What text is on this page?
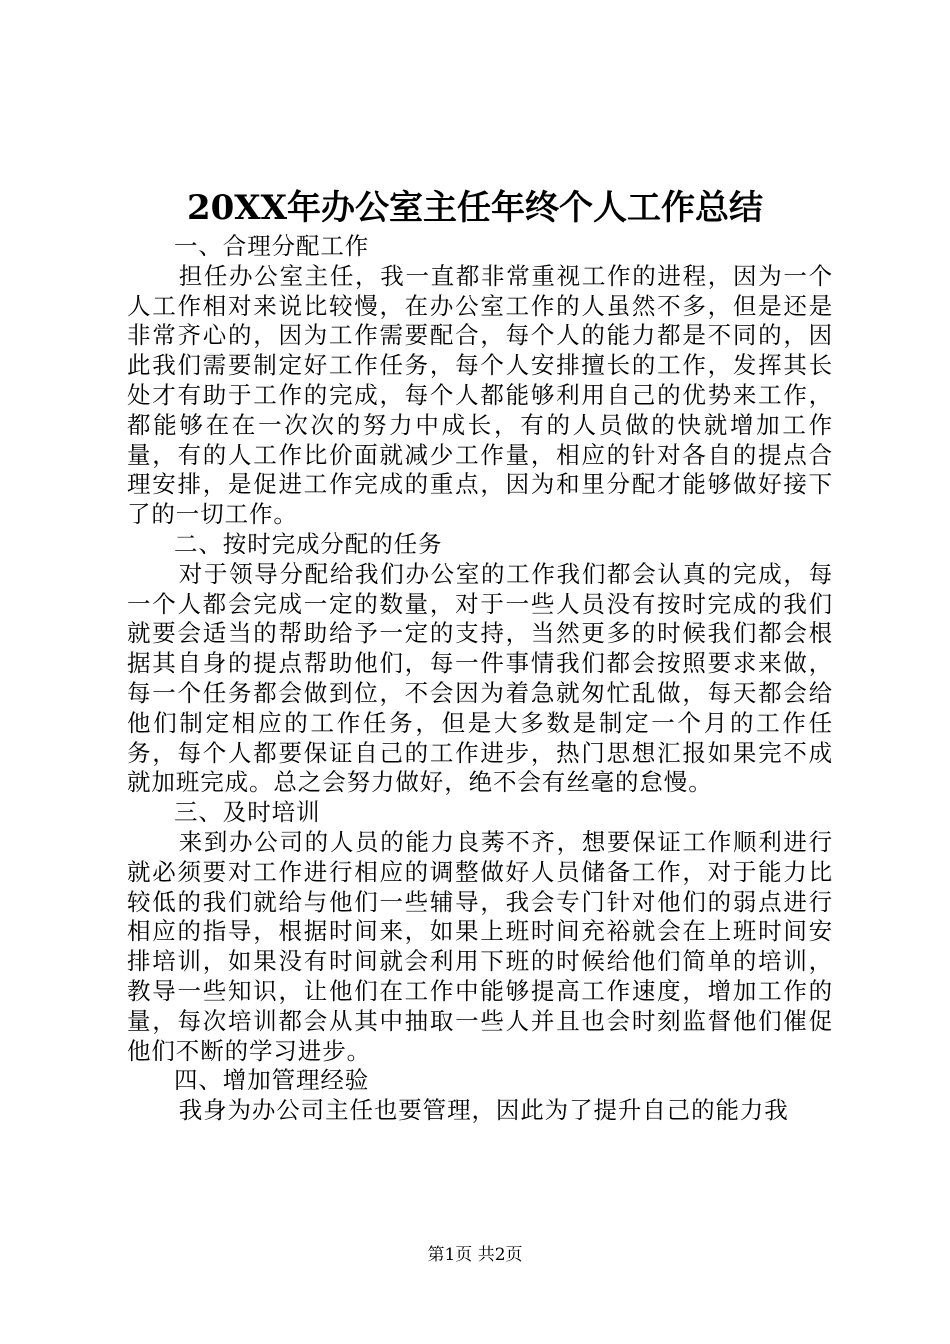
20XX年办公室主任年终个人工作总结

一、合理分配工作

担任办公室主任，我一直都非常重视工作的进程，因为一个人工作相对来说比较慢，在办公室工作的人虽然不多，但是还是非常齐心的，因为工作需要配合，每个人的能力都是不同的，因此我们需要制定好工作任务，每个人安排擅长的工作，发挥其长处才有助于工作的完成，每个人都能够利用自己的优势来工作，都能够在在一次次的努力中成长，有的人员做的快就增加工作量，有的人工作比价面就减少工作量，相应的针对各自的提点合理安排，是促进工作完成的重点，因为和里分配才能够做好接下了的一切工作。

二、按时完成分配的任务

对于领导分配给我们办公室的工作我们都会认真的完成，每一个人都会完成一定的数量，对于一些人员没有按时完成的我们就要会适当的帮助给予一定的支持，当然更多的时候我们都会根据其自身的提点帮助他们，每一件事情我们都会按照要求来做，每一个任务都会做到位，不会因为着急就匆忙乱做，每天都会给他们制定相应的工作任务，但是大多数是制定一个月的工作任务，每个人都要保证自己的工作进步，热门思想汇报如果完不成就加班完成。总之会努力做好，绝不会有丝毫的怠慢。

三、及时培训

来到办公司的人员的能力良莠不齐，想要保证工作顺利进行就必须要对工作进行相应的调整做好人员储备工作，对于能力比较低的我们就给与他们一些辅导，我会专门针对他们的弱点进行相应的指导，根据时间来，如果上班时间充裕就会在上班时间安排培训，如果没有时间就会利用下班的时候给他们简单的培训，教导一些知识，让他们在工作中能够提高工作速度，增加工作的量，每次培训都会从其中抽取一些人并且也会时刻监督他们催促他们不断的学习进步。

四、增加管理经验

我身为办公司主任也要管理，因此为了提升自己的能力我

第1页 共2页
